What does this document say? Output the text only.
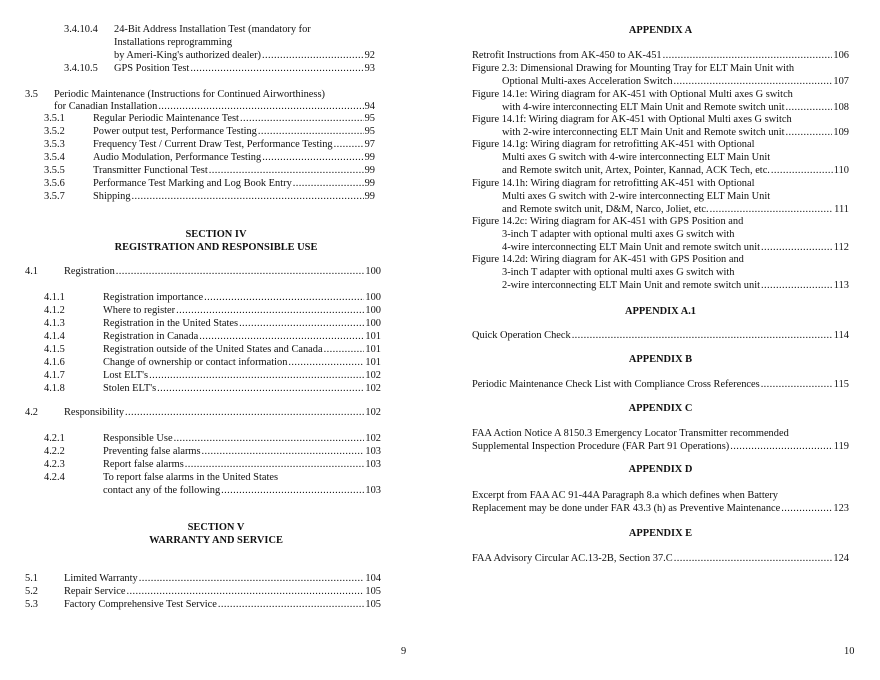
3.4.10.4 24-Bit Address Installation Test (mandatory for
Installations reprogramming
by Ameri-King's authorized dealer) .....	92
3.4.10.5	GPS Position Test .....	93
3.5 Periodic Maintenance (Instructions for Continued Airworthiness)
for Canadian Installation .....	94
3.5.1	Regular Periodic Maintenance Test .....	95
3.5.2	Power output test, Performance Testing .....	95
3.5.3	Frequency Test / Current Draw Test, Performance Testing .....	97
3.5.4	Audio Modulation, Performance Testing .....	99
3.5.5	Transmitter Functional Test .....	99
3.5.6	Performance Test Marking and Log Book Entry .....	99
3.5.7	Shipping .....	99
SECTION IV
REGISTRATION AND RESPONSIBLE USE
4.1	Registration .....	100
4.1.1	Registration importance .....	100
4.1.2	Where to register .....	100
4.1.3	Registration in the United States .....	100
4.1.4	Registration in Canada .....	101
4.1.5	Registration outside of the United States and Canada .....	101
4.1.6	Change of ownership or contact information .....	101
4.1.7	Lost ELT's .....	102
4.1.8	Stolen ELT's .....	102
4.2	Responsibility .....	102
4.2.1	Responsible Use .....	102
4.2.2	Preventing false alarms .....	103
4.2.3	Report false alarms .....	103
4.2.4	To report false alarms in the United States
contact any of the following .....	103
SECTION V
WARRANTY AND SERVICE
5.1	Limited Warranty .....	104
5.2	Repair Service .....	105
5.3	Factory Comprehensive Test Service .....	105
9
APPENDIX A
Retrofit Instructions from AK-450 to AK-451 .....	106
Figure 2.3: Dimensional Drawing for Mounting Tray for ELT Main Unit with
Optional Multi-axes Acceleration Switch .....	107
Figure 14.1e: Wiring diagram for AK-451 with Optional Multi axes G switch
with 4-wire interconnecting ELT Main Unit and Remote switch unit .....	108
Figure 14.1f: Wiring diagram for AK-451 with Optional Multi axes G switch
with 2-wire interconnecting ELT Main Unit and Remote switch unit .....	109
Figure 14.1g: Wiring diagram for retrofitting AK-451 with Optional
Multi axes G switch with 4-wire interconnecting ELT Main Unit
and Remote switch unit, Artex, Pointer, Kannad, ACK Tech, etc. .....	110
Figure 14.1h: Wiring diagram for retrofitting AK-451 with Optional
Multi axes G switch with 2-wire interconnecting ELT Main Unit
and Remote switch unit, D&M, Narco, Joliet, etc. .....	111
Figure 14.2c: Wiring diagram for AK-451 with GPS Position and
3-inch T adapter with optional multi axes G switch with
4-wire interconnecting ELT Main Unit and remote switch unit .....	112
Figure 14.2d: Wiring diagram for AK-451 with GPS Position and
3-inch T adapter with optional multi axes G switch with
2-wire interconnecting ELT Main Unit and remote switch unit .....	113
APPENDIX A.1
Quick Operation Check .....	114
APPENDIX B
Periodic Maintenance Check List with Compliance Cross References .....	115
APPENDIX C
FAA Action Notice A 8150.3 Emergency Locator Transmitter recommended
Supplemental Inspection Procedure (FAR Part 91 Operations) .....	119
APPENDIX D
Excerpt from FAA AC 91-44A Paragraph 8.a which defines when Battery
Replacement may be done under FAR 43.3 (h) as Preventive Maintenance .....	123
APPENDIX E
FAA Advisory Circular AC.13-2B, Section 37.C .....	124
10
